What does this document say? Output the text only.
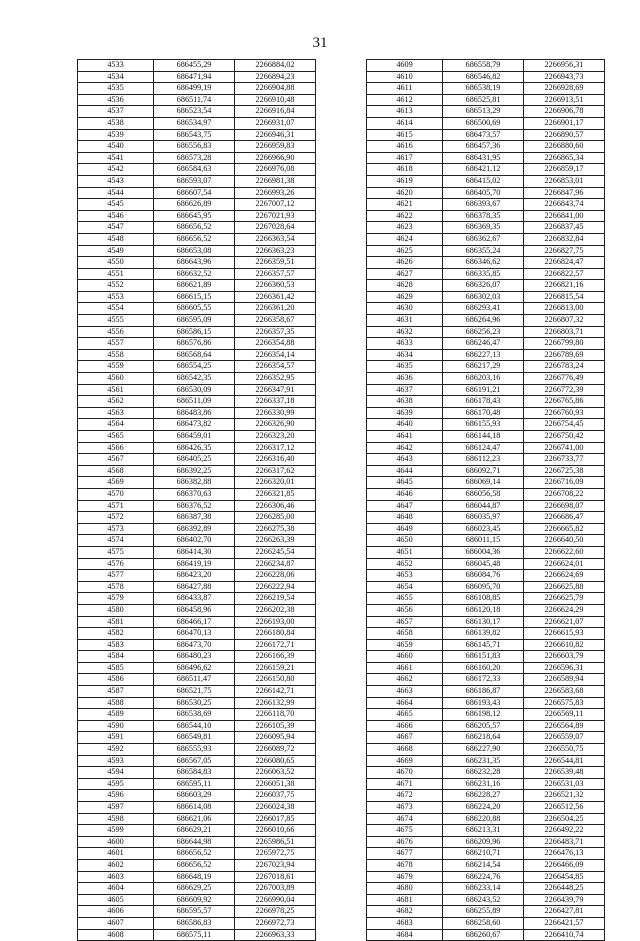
31
4533	686455,29	2266884,02
4534	686471,94	2266894,23
4535	686499,19	2266904,88
4536	686511,74	2266910,48
4537	686523,54	2266916,84
4538	686534,97	2266931,07
4539	686543,75	2266946,31
4540	686556,83	2266959,83
4541	686573,28	2266966,90
4542	686584,63	2266976,08
4543	686593,07	2266981,38
4544	686607,54	2266993,26
4545	686626,89	2267007,12
4546	686645,95	2267021,93
4547	686656,52	2267028,64
4548	686656,52	2266363,54
4549	686653,08	2266363,23
4550	686643,96	2266359,51
4551	686632,52	2266357,57
4552	686621,89	2266360,53
4553	686615,15	2266361,42
4554	686605,55	2266361,20
4555	686595,09	2266358,67
4556	686586,15	2266357,35
4557	686576,86	2266354,88
4558	686568,64	2266354,14
4559	686554,25	2266354,57
4560	686542,35	2266352,95
4561	686530,09	2266347,91
4562	686511,09	2266337,18
4563	686483,86	2266330,99
4564	686473,82	2266326,90
4565	686459,01	2266323,20
4566	686426,35	2266317,12
4567	686405,25	2266316,40
4568	686392,25	2266317,62
4569	686382,88	2266320,01
4570	686370,63	2266321,85
4571	686376,52	2266306,46
4572	686387,38	2266285,00
4573	686392,89	2266275,38
4574	686402,70	2266263,39
4575	686414,30	2266245,54
4576	686419,19	2266234,87
4577	686423,20	2266228,06
4578	686427,88	2266222,94
4579	686433,87	2266219,54
4580	686458,96	2266202,38
4581	686466,17	2266193,00
4582	686470,13	2266180,84
4583	686473,70	2266172,71
4584	686480,23	2266166,39
4585	686496,62	2266159,21
4586	686511,47	2266150,80
4587	686521,75	2266142,71
4588	686530,25	2266132,99
4589	686538,69	2266118,70
4590	686544,10	2266105,39
4591	686549,81	2266095,94
4592	686555,93	2266089,72
4593	686567,05	2266080,65
4594	686584,83	2266063,52
4595	686595,11	2266051,38
4596	686603,29	2266037,75
4597	686614,08	2266024,38
4598	686621,06	2266017,85
4599	686629,21	2266010,66
4600	686644,98	2265986,51
4601	686656,52	2265972,75
4602	686656,52	2267023,94
4603	686648,19	2267018,61
4604	686629,25	2267003,89
4605	686609,92	2266990,04
4606	686595,57	2266978,25
4607	686586,83	2266972,73
4608	686575,11	2266963,33
4609	686558,79	2266956,31
4610	686546,82	2266943,73
4611	686538,19	2266928,69
4612	686525,81	2266913,51
4613	686513,29	2266906,78
4614	686500,69	2266901,17
4615	686473,57	2266890,57
4616	686457,36	2266880,60
4617	686431,95	2266865,34
4618	686421,12	2266859,17
4619	686415,02	2266853,01
4620	686405,70	2266847,96
4621	686393,67	2266843,74
4622	686378,35	2266841,00
4623	686369,35	2266837,45
4624	686362,67	2266832,84
4625	686355,24	2266827,75
4626	686346,62	2266824,47
4627	686335,85	2266822,57
4628	686326,07	2266821,16
4629	686302,03	2266815,54
4630	686293,41	2266813,00
4631	686264,96	2266807,32
4632	686256,23	2266803,71
4633	686246,47	2266799,80
4634	686227,13	2266789,69
4635	686217,29	2266783,24
4636	686203,16	2266776,49
4637	686191,21	2266772,39
4638	686178,43	2266765,86
4639	686170,48	2266760,93
4640	686155,93	2266754,45
4641	686144,18	2266750,42
4642	686124,47	2266741,00
4643	686112,23	2266733,77
4644	686092,71	2266725,38
4645	686069,14	2266716,09
4646	686056,58	2266708,22
4647	686044,87	2266698,07
4648	686035,97	2266686,47
4649	686023,45	2266665,82
4650	686011,15	2266640,50
4651	686004,36	2266622,60
4652	686045,48	2266624,01
4653	686084,76	2266624,69
4654	686095,70	2266625,88
4655	686108,85	2266625,79
4656	686120,18	2266624,29
4657	686130,17	2266621,07
4658	686139,82	2266615,93
4659	686145,71	2266610,82
4660	686151,83	2266603,79
4661	686160,20	2266596,31
4662	686172,33	2266589,94
4663	686186,87	2266583,68
4664	686193,43	2266575,83
4665	686198,12	2266569,11
4666	686205,57	2266564,89
4667	686218,64	2266559,07
4668	686227,90	2266550,75
4669	686231,35	2266544,81
4670	686232,28	2266539,48
4671	686231,16	2266531,03
4672	686228,27	2266521,32
4673	686224,20	2266512,56
4674	686220,88	2266504,25
4675	686213,31	2266492,22
4676	686209,96	2266483,71
4677	686210,71	2266476,13
4678	686214,54	2266466,09
4679	686224,76	2266454,85
4680	686233,14	2266448,25
4681	686243,52	2266439,79
4682	686255,89	2266427,81
4683	686258,60	2266421,57
4684	686260,67	2266410,74
